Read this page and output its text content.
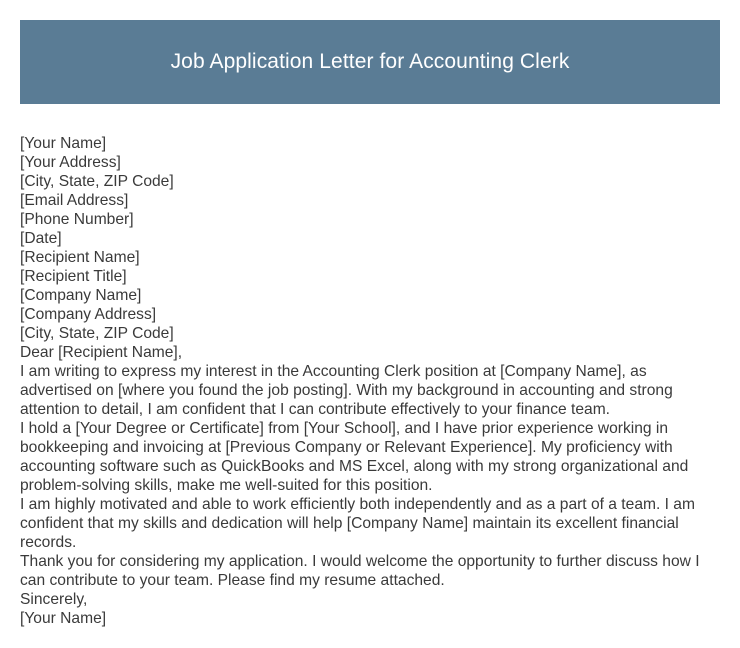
Job Application Letter for Accounting Clerk

[Your Name]

[Your Address]

[City, State, ZIP Code]

[Email Address]

[Phone Number]

[Date]

[Recipient Name]

[Recipient Title]

[Company Name]

[Company Address]

[City, State, ZIP Code]

Dear [Recipient Name],

I am writing to express my interest in the Accounting Clerk position at [Company Name], as advertised on [where you found the job posting]. With my background in accounting and strong attention to detail, I am confident that I can contribute effectively to your finance team.

I hold a [Your Degree or Certificate] from [Your School], and I have prior experience working in bookkeeping and invoicing at [Previous Company or Relevant Experience]. My proficiency with accounting software such as QuickBooks and MS Excel, along with my strong organizational and problem-solving skills, make me well-suited for this position.

I am highly motivated and able to work efficiently both independently and as a part of a team. I am confident that my skills and dedication will help [Company Name] maintain its excellent financial records.

Thank you for considering my application. I would welcome the opportunity to further discuss how I can contribute to your team. Please find my resume attached.

Sincerely,

[Your Name]
